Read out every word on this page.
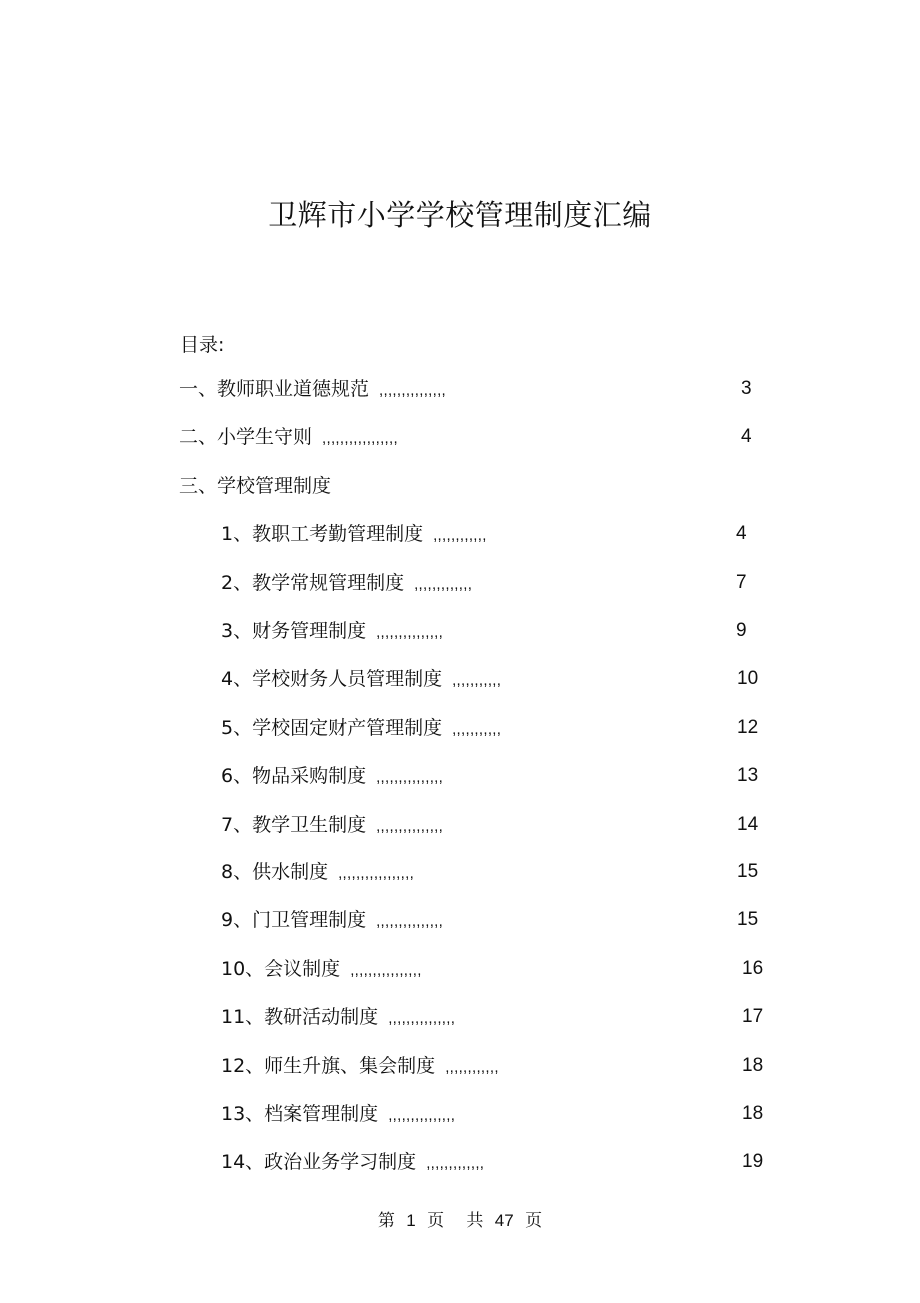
卫辉市小学学校管理制度汇编
目录:
一、教师职业道德规范 ,,,,,,,,,,,,,,,	3
二、小学生守则 ,,,,,,,,,,,,,,,,,	4
三、学校管理制度
1、教职工考勤管理制度 ,,,,,,,,,,,,	4
2、教学常规管理制度 ,,,,,,,,,,,,,	7
3、财务管理制度 ,,,,,,,,,,,,,,,	9
4、学校财务人员管理制度 ,,,,,,,,,,,	10
5、学校固定财产管理制度 ,,,,,,,,,,,	12
6、物品采购制度 ,,,,,,,,,,,,,,,	13
7、教学卫生制度 ,,,,,,,,,,,,,,,	14
8、供水制度 ,,,,,,,,,,,,,,,,,	15
9、门卫管理制度 ,,,,,,,,,,,,,,,	15
10、会议制度 ,,,,,,,,,,,,,,,,	16
11、教研活动制度 ,,,,,,,,,,,,,,,	17
12、师生升旗、集会制度 ,,,,,,,,,,,,	18
13、档案管理制度 ,,,,,,,,,,,,,,,	18
14、政治业务学习制度 ,,,,,,,,,,,,,	19
第 1 页 共 47 页
